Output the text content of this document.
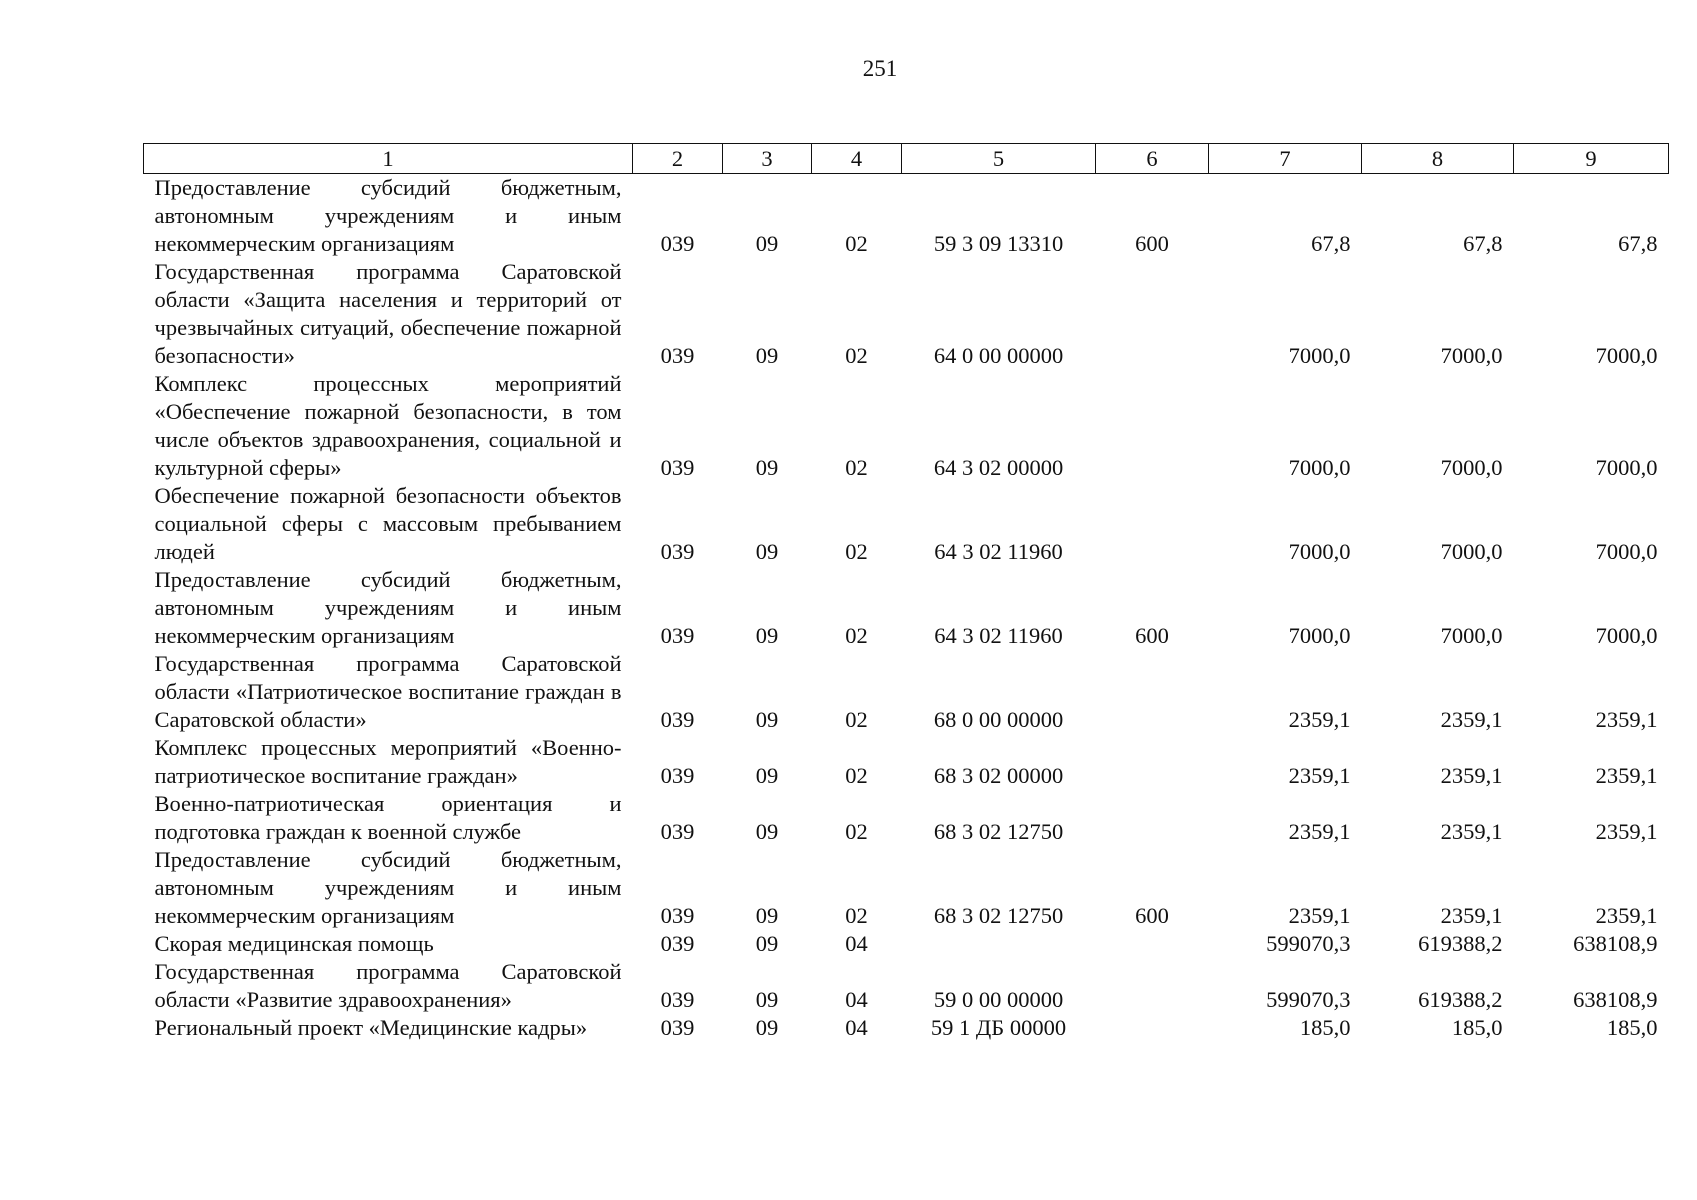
251
1	2	3	4	5	6	7	8	9
Предоставление субсидий бюджетным, автономным учреждениям и иным некоммерческим организациям	039	09	02	59 3 09 13310	600	67,8	67,8	67,8
Государственная программа Саратовской области «Защита населения и территорий от чрезвычайных ситуаций, обеспечение пожарной безопасности»	039	09	02	64 0 00 00000		7000,0	7000,0	7000,0
Комплекс процессных мероприятий «Обеспечение пожарной безопасности, в том числе объектов здравоохранения, социальной и культурной сферы»	039	09	02	64 3 02 00000		7000,0	7000,0	7000,0
Обеспечение пожарной безопасности объектов социальной сферы с массовым пребыванием людей	039	09	02	64 3 02 11960		7000,0	7000,0	7000,0
Предоставление субсидий бюджетным, автономным учреждениям и иным некоммерческим организациям	039	09	02	64 3 02 11960	600	7000,0	7000,0	7000,0
Государственная программа Саратовской области «Патриотическое воспитание граждан в Саратовской области»	039	09	02	68 0 00 00000		2359,1	2359,1	2359,1
Комплекс процессных мероприятий «Военно-патриотическое воспитание граждан»	039	09	02	68 3 02 00000		2359,1	2359,1	2359,1
Военно-патриотическая ориентация и подготовка граждан к военной службе	039	09	02	68 3 02 12750		2359,1	2359,1	2359,1
Предоставление субсидий бюджетным, автономным учреждениям и иным некоммерческим организациям	039	09	02	68 3 02 12750	600	2359,1	2359,1	2359,1
Скорая медицинская помощь	039	09	04			599070,3	619388,2	638108,9
Государственная программа Саратовской области «Развитие здравоохранения»	039	09	04	59 0 00 00000		599070,3	619388,2	638108,9
Региональный проект «Медицинские кадры»	039	09	04	59 1 ДБ 00000		185,0	185,0	185,0
